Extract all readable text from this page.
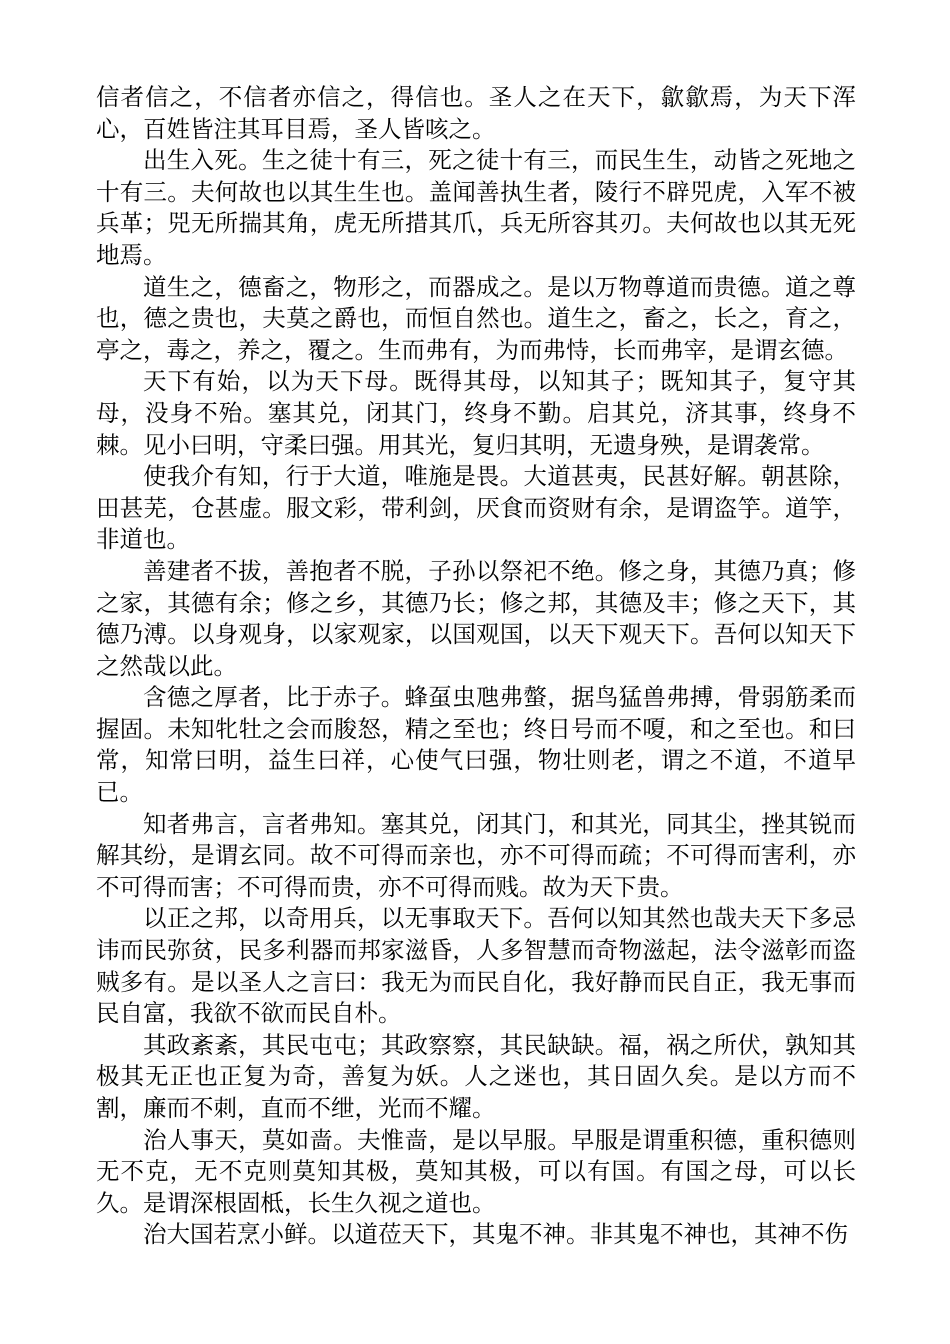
信者信之，不信者亦信之，得信也。圣人之在天下，歙歙焉，为天下浑心，百姓皆注其耳目焉，圣人皆咳之。

出生入死。生之徒十有三，死之徒十有三，而民生生，动皆之死地之十有三。夫何故也以其生生也。盖闻善执生者，陵行不辟兕虎，入军不被兵革；兕无所揣其角，虎无所措其爪，兵无所容其刃。夫何故也以其无死地焉。

道生之，德畜之，物形之，而器成之。是以万物尊道而贵德。道之尊也，德之贵也，夫莫之爵也，而恒自然也。道生之，畜之，长之，育之，亭之，毒之，养之，覆之。生而弗有，为而弗恃，长而弗宰，是谓玄德。

天下有始，以为天下母。既得其母，以知其子；既知其子，复守其母，没身不殆。塞其兑，闭其门，终身不勤。启其兑，济其事，终身不棘。见小曰明，守柔曰强。用其光，复归其明，无遗身殃，是谓袭常。

使我介有知，行于大道，唯施是畏。大道甚夷，民甚好解。朝甚除，田甚芜，仓甚虚。服文彩，带利剑，厌食而资财有余，是谓盗竽。道竽，非道也。

善建者不拔，善抱者不脱，子孙以祭祀不绝。修之身，其德乃真；修之家，其德有余；修之乡，其德乃长；修之邦，其德及丰；修之天下，其德乃溥。以身观身，以家观家，以国观国，以天下观天下。吾何以知天下之然哉以此。

含德之厚者，比于赤子。蜂虿虫虺弗螫，据鸟猛兽弗搏，骨弱筋柔而握固。未知牝牡之会而朘怒，精之至也；终日号而不嗄，和之至也。和曰常，知常曰明，益生曰祥，心使气曰强，物壮则老，谓之不道，不道早已。

知者弗言，言者弗知。塞其兑，闭其门，和其光，同其尘，挫其锐而解其纷，是谓玄同。故不可得而亲也，亦不可得而疏；不可得而害利，亦不可得而害；不可得而贵，亦不可得而贱。故为天下贵。

以正之邦，以奇用兵，以无事取天下。吾何以知其然也哉夫天下多忌讳而民弥贫，民多利器而邦家滋昏，人多智慧而奇物滋起，法令滋彰而盗贼多有。是以圣人之言曰：我无为而民自化，我好静而民自正，我无事而民自富，我欲不欲而民自朴。

其政紊紊，其民屯屯；其政察察，其民缺缺。福，祸之所伏，孰知其极其无正也正复为奇，善复为妖。人之迷也，其日固久矣。是以方而不割，廉而不刺，直而不绁，光而不耀。

治人事天，莫如啬。夫惟啬，是以早服。早服是谓重积德，重积德则无不克，无不克则莫知其极，莫知其极，可以有国。有国之母，可以长久。是谓深根固柢，长生久视之道也。

治大国若烹小鲜。以道莅天下，其鬼不神。非其鬼不神也，其神不伤
